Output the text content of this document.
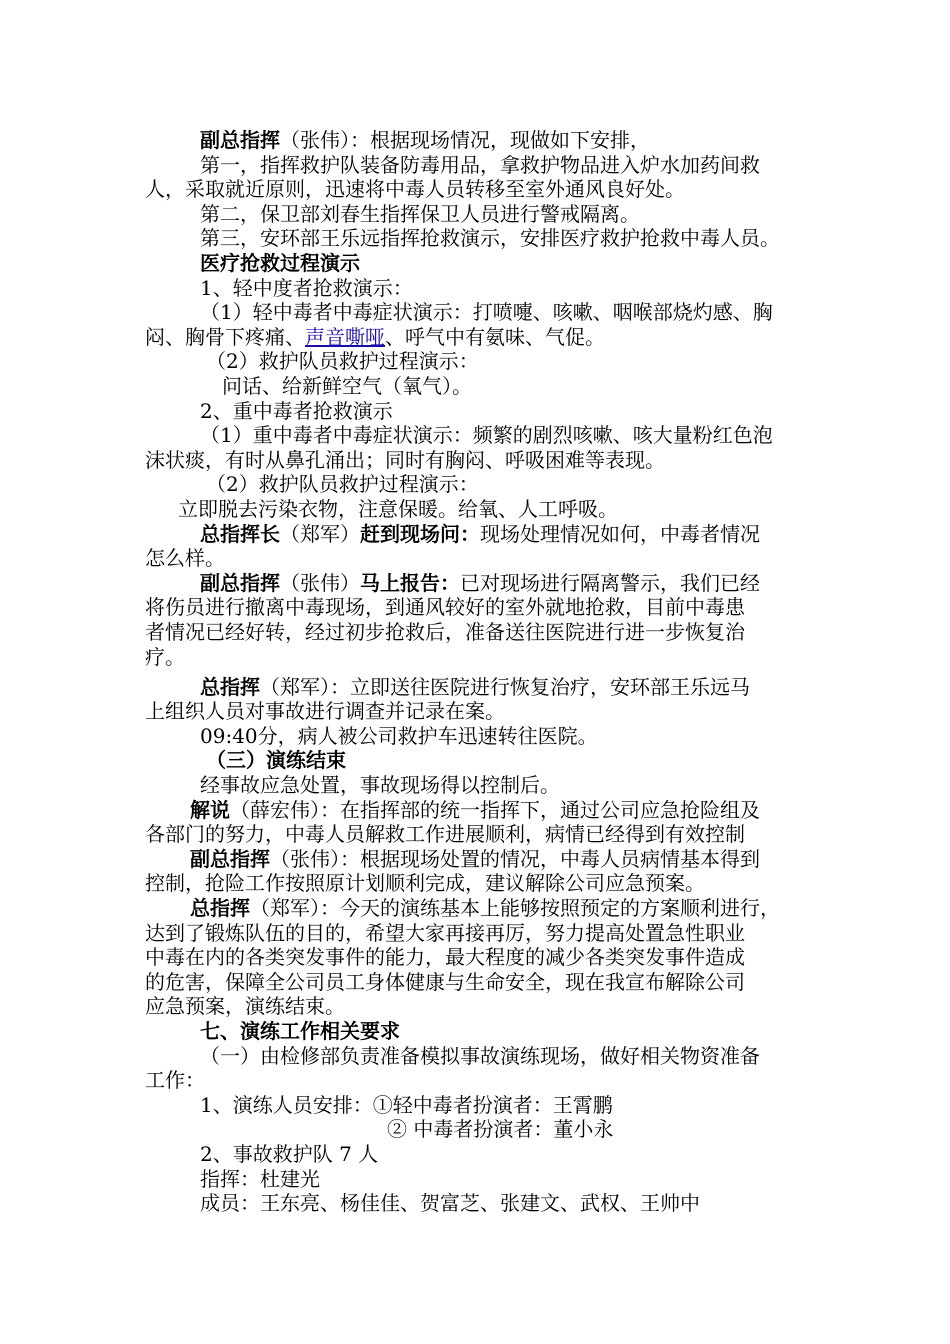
副总指挥（张伟）：根据现场情况，现做如下安排，
第一，指挥救护队装备防毒用品，拿救护物品进入炉水加药间救
人，采取就近原则，迅速将中毒人员转移至室外通风良好处。
第二，保卫部刘春生指挥保卫人员进行警戒隔离。
第三，安环部王乐远指挥抢救演示，安排医疗救护抢救中毒人员。
医疗抢救过程演示
1、轻中度者抢救演示：
（1）轻中毒者中毒症状演示：打喷嚏、咳嗽、咽喉部烧灼感、胸
闷、胸骨下疼痛、声音嘶哑、呼气中有氨味、气促。
（2）救护队员救护过程演示：
问话、给新鲜空气（氧气）。
2、重中毒者抢救演示
（1）重中毒者中毒症状演示：频繁的剧烈咳嗽、咳大量粉红色泡
沫状痰，有时从鼻孔涌出；同时有胸闷、呼吸困难等表现。
（2）救护队员救护过程演示：
立即脱去污染衣物，注意保暖。给氧、人工呼吸。
总指挥长（郑军）赶到现场问：现场处理情况如何，中毒者情况
怎么样。
副总指挥（张伟）马上报告：已对现场进行隔离警示，我们已经
将伤员进行撤离中毒现场，到通风较好的室外就地抢救，目前中毒患
者情况已经好转，经过初步抢救后，准备送往医院进行进一步恢复治
疗。
总指挥（郑军）：立即送往医院进行恢复治疗，安环部王乐远马
上组织人员对事故进行调查并记录在案。
09:40分，病人被公司救护车迅速转往医院。
（三）演练结束
经事故应急处置，事故现场得以控制后。
解说（薛宏伟）：在指挥部的统一指挥下，通过公司应急抢险组及
各部门的努力，中毒人员解救工作进展顺利，病情已经得到有效控制
副总指挥（张伟）：根据现场处置的情况，中毒人员病情基本得到
控制，抢险工作按照原计划顺利完成，建议解除公司应急预案。
总指挥（郑军）：今天的演练基本上能够按照预定的方案顺利进行，
达到了锻炼队伍的目的，希望大家再接再厉，努力提高处置急性职业
中毒在内的各类突发事件的能力，最大程度的减少各类突发事件造成
的危害，保障全公司员工身体健康与生命安全，现在我宣布解除公司
应急预案，演练结束。
七、演练工作相关要求
（一）由检修部负责准备模拟事故演练现场，做好相关物资准备
工作：
1、演练人员安排：①轻中毒者扮演者：王霄鹏
② 中毒者扮演者：董小永
2、事故救护队 7 人
指挥：杜建光
成员：王东亮、杨佳佳、贺富芝、张建文、武权、王帅中
